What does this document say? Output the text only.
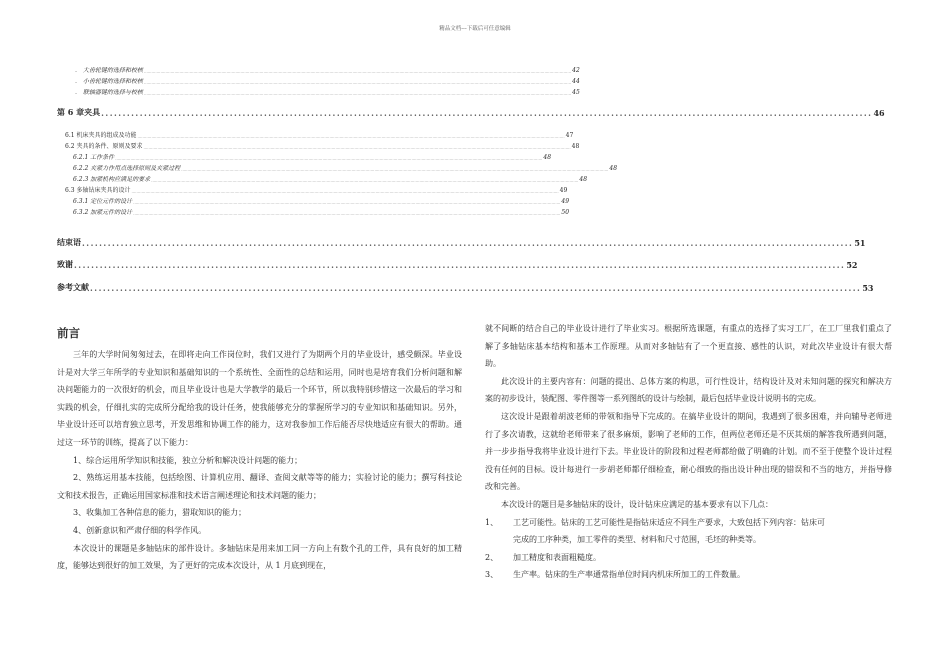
精品文档---下载后可任意编辑
． 大齿轮键的选择和校核 ................................................................................................................................................................................................................................................................................................................................................ 42
． 小齿轮键的选择和校核 ................................................................................................................................................................................................................................................................................................................................................ 44
． 联轴器键的选择与校核 ................................................................................................................................................................................................................................................................................................................................................ 45
第 6 章夹具 .................................................................................................................................................................................... 46
6.1 机床夹具的组成及功能 ................................................................................................................................................................................................................................................................................................................................................ 47
6.2 夹具的条件、原则及要求 ................................................................................................................................................................................................................................................................................................................................................ 48
6.2.1 工作条件 ................................................................................................................................................................................................................................................................................................................................................ 48
6.2.2 夹紧力作用点选择原则及夹紧过程 ................................................................................................................................................................................................................................................................................................................................................ 48
6.2.3 加紧机构应满足的要求 ................................................................................................................................................................................................................................................................................................................................................ 48
6.3 多轴钻床夹具的设计 ................................................................................................................................................................................................................................................................................................................................................ 49
6.3.1 定位元件的设计 ................................................................................................................................................................................................................................................................................................................................................ 49
6.3.2 加紧元件的设计 ................................................................................................................................................................................................................................................................................................................................................ 50
结束语 .................................................................................................................................................................................... 51
致谢 .................................................................................................................................................................................... 52
参考文献 .................................................................................................................................................................................... 53

前言

三年的大学时间匆匆过去，在即将走向工作岗位时，我们又进行了为期两个月的毕业设计，感受颇深。毕业设计是对大学三年所学的专业知识和基础知识的一个系统性、全面性的总结和运用，同时也是培育我们分析问题和解决问题能力的一次很好的机会，而且毕业设计也是大学教学的最后一个环节，所以我特别珍惜这一次最后的学习和实践的机会，仔细扎实的完成所分配给我的设计任务，使我能够充分的掌握所学习的专业知识和基础知识。另外，毕业设计还可以培育独立思考，开发思维和协调工作的能力，这对我参加工作后能否尽快地适应有很大的帮助。通过这一环节的训练，提高了以下能力：

1、综合运用所学知识和技能，独立分析和解决设计问题的能力；

2、熟练运用基本技能，包括绘图、计算机应用、翻译、查阅文献等等的能力；实验讨论的能力；撰写科技论文和技术报告，正确运用国家标准和技术语言阐述理论和技术问题的能力；

3、收集加工各种信息的能力，猎取知识的能力；

4、创新意识和严肃仔细的科学作风。

本次设计的课题是多轴钻床的部件设计。多轴钻床是用来加工同一方向上有数个孔的工件，具有良好的加工精度，能够达到很好的加工效果，为了更好的完成本次设计，从 1 月底到现在，

就不间断的结合自己的毕业设计进行了毕业实习。根据所选课题，有重点的选择了实习工厂，在工厂里我们重点了解了多轴钻床基本结构和基本工作原理。从而对多轴钻有了一个更直接、感性的认识，对此次毕业设计有很大帮助。

此次设计的主要内容有：问题的提出、总体方案的构思，可行性设计，结构设计及对未知问题的探究和解决方案的初步设计，装配图、零件图等一系列图纸的设计与绘制，最后包括毕业设计说明书的完成。

这次设计是跟着胡波老师的带领和指导下完成的。在搞毕业设计的期间，我遇到了很多困难，并向辅导老师进行了多次请教，这就给老师带来了很多麻烦，影响了老师的工作，但两位老师还是不厌其烦的解答我所遇到问题，并一步步指导我将毕业设计进行下去。毕业设计的阶段和过程老师都给做了明确的计划。而不至于使整个设计过程没有任何的目标。设计每进行一步胡老师都仔细检查，耐心细致的指出设计种出现的错误和不当的地方，并指导修改和完善。

本次设计的题目是多轴钻床的设计，设计钻床应满足的基本要求有以下几点：

1、	工艺可能性。钻床的工艺可能性是指钻床适应不同生产要求，大致包括下列内容：钻床可

完成的工序种类，加工零件的类型、材料和尺寸范围，毛坯的种类等。

2、	加工精度和表面粗糙度。
3、	生产率。钻床的生产率通常指单位时间内机床所加工的工件数量。
